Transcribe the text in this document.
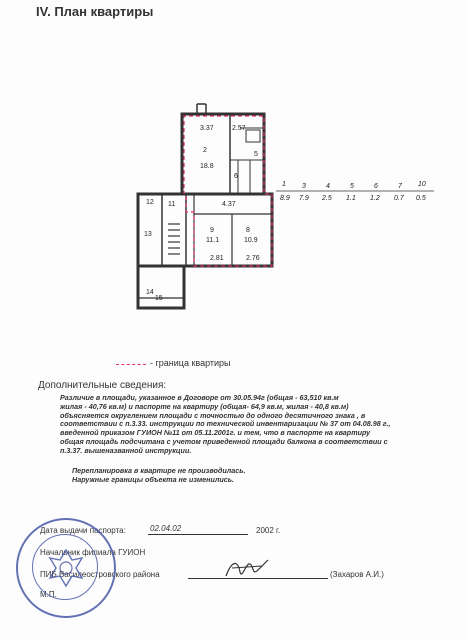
IV. План квартиры
3.37	2.57
2
18.8
5
12
13
11	4.37
9
11.1
8
10.9
2.81	2.76
14
15
6
1 3	4	5	6	7 10
8.9 7.9 2.5 1.1 1.2 0.7 0.5
- граница квартиры
Дополнительные сведения:

Различие в площади, указанное в Договоре от 30.05.94г (общая - 63,510 кв.м

жилая - 40,76 кв.м) и паспорте на квартиру (общая- 64,9 кв.м, жилая - 40,8 кв.м)

объясняется округлением площади с точностью до одного десятичного знака , в

соответствии с п.3.33. инструкции по технической инвентаризации № 37 от 04.08.98 г.,

введенной приказом ГУИОН №11 от 05.11.2001г. и тем, что в паспорте на квартиру

общая площадь подсчитана с учетом приведенной площади балкона в соответствии с

п.3.37. вышеназванной инструкции.

Перепланировка в квартире не производилась.
Наружные границы объекта не изменились.
Дата выдачи паспорта:	02.04.02	2002 г.
Начальник филиала ГУИОН
ПИБ Василеостровского района	(Захаров А.И.)
М.П.
